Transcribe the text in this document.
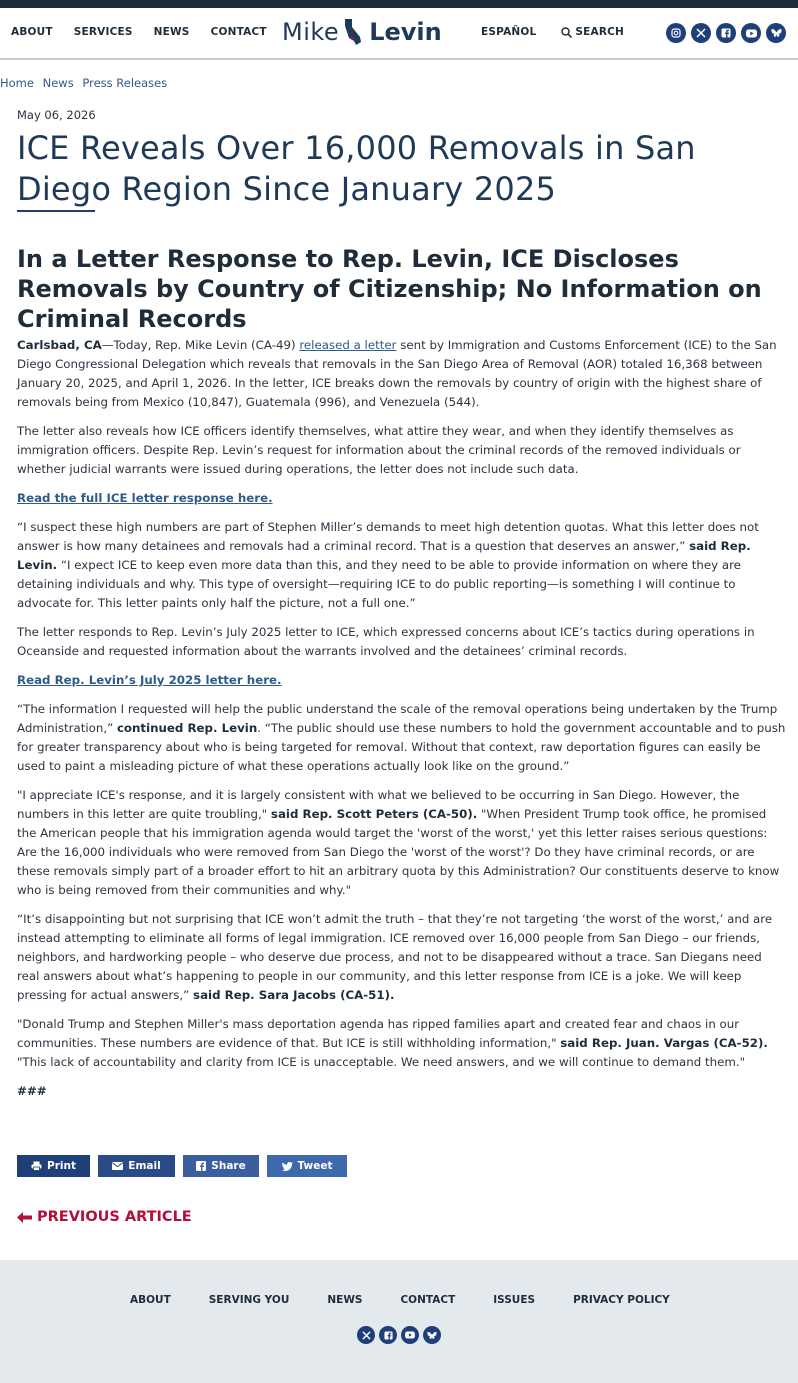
ABOUT SERVICES NEWS CONTACT Mike Levin	ESPAÑOL	SEARCH
Home News Press Releases
May 06, 2026
ICE Reveals Over 16,000 Removals in San Diego Region Since January 2025
In a Letter Response to Rep. Levin, ICE Discloses Removals by Country of Citizenship; No Information on Criminal Records

Carlsbad, CA—Today, Rep. Mike Levin (CA-49) released a letter sent by Immigration and Customs Enforcement (ICE) to the San Diego Congressional Delegation which reveals that removals in the San Diego Area of Removal (AOR) totaled 16,368 between January 20, 2025, and April 1, 2026. In the letter, ICE breaks down the removals by country of origin with the highest share of removals being from Mexico (10,847), Guatemala (996), and Venezuela (544).

The letter also reveals how ICE officers identify themselves, what attire they wear, and when they identify themselves as immigration officers. Despite Rep. Levin’s request for information about the criminal records of the removed individuals or whether judicial warrants were issued during operations, the letter does not include such data.

Read the full ICE letter response here.

“I suspect these high numbers are part of Stephen Miller’s demands to meet high detention quotas. What this letter does not answer is how many detainees and removals had a criminal record. That is a question that deserves an answer,” said Rep. Levin. “I expect ICE to keep even more data than this, and they need to be able to provide information on where they are detaining individuals and why. This type of oversight—requiring ICE to do public reporting—is something I will continue to advocate for. This letter paints only half the picture, not a full one.”

The letter responds to Rep. Levin’s July 2025 letter to ICE, which expressed concerns about ICE’s tactics during operations in Oceanside and requested information about the warrants involved and the detainees’ criminal records.

Read Rep. Levin’s July 2025 letter here.

“The information I requested will help the public understand the scale of the removal operations being undertaken by the Trump Administration,” continued Rep. Levin. “The public should use these numbers to hold the government accountable and to push for greater transparency about who is being targeted for removal. Without that context, raw deportation figures can easily be used to paint a misleading picture of what these operations actually look like on the ground.”

"I appreciate ICE's response, and it is largely consistent with what we believed to be occurring in San Diego. However, the numbers in this letter are quite troubling," said Rep. Scott Peters (CA-50). "When President Trump took office, he promised the American people that his immigration agenda would target the 'worst of the worst,' yet this letter raises serious questions: Are the 16,000 individuals who were removed from San Diego the 'worst of the worst'? Do they have criminal records, or are these removals simply part of a broader effort to hit an arbitrary quota by this Administration? Our constituents deserve to know who is being removed from their communities and why."

“It’s disappointing but not surprising that ICE won’t admit the truth – that they’re not targeting ‘the worst of the worst,’ and are instead attempting to eliminate all forms of legal immigration. ICE removed over 16,000 people from San Diego – our friends, neighbors, and hardworking people – who deserve due process, and not to be disappeared without a trace. San Diegans need real answers about what’s happening to people in our community, and this letter response from ICE is a joke. We will keep pressing for actual answers,” said Rep. Sara Jacobs (CA-51).

"Donald Trump and Stephen Miller's mass deportation agenda has ripped families apart and created fear and chaos in our communities. These numbers are evidence of that. But ICE is still withholding information," said Rep. Juan. Vargas (CA-52). "This lack of accountability and clarity from ICE is unacceptable. We need answers, and we will continue to demand them."

###

Print	Email	Share	Tweet
PREVIOUS ARTICLE
ABOUT	SERVING YOU	NEWS	CONTACT	ISSUES	PRIVACY POLICY
